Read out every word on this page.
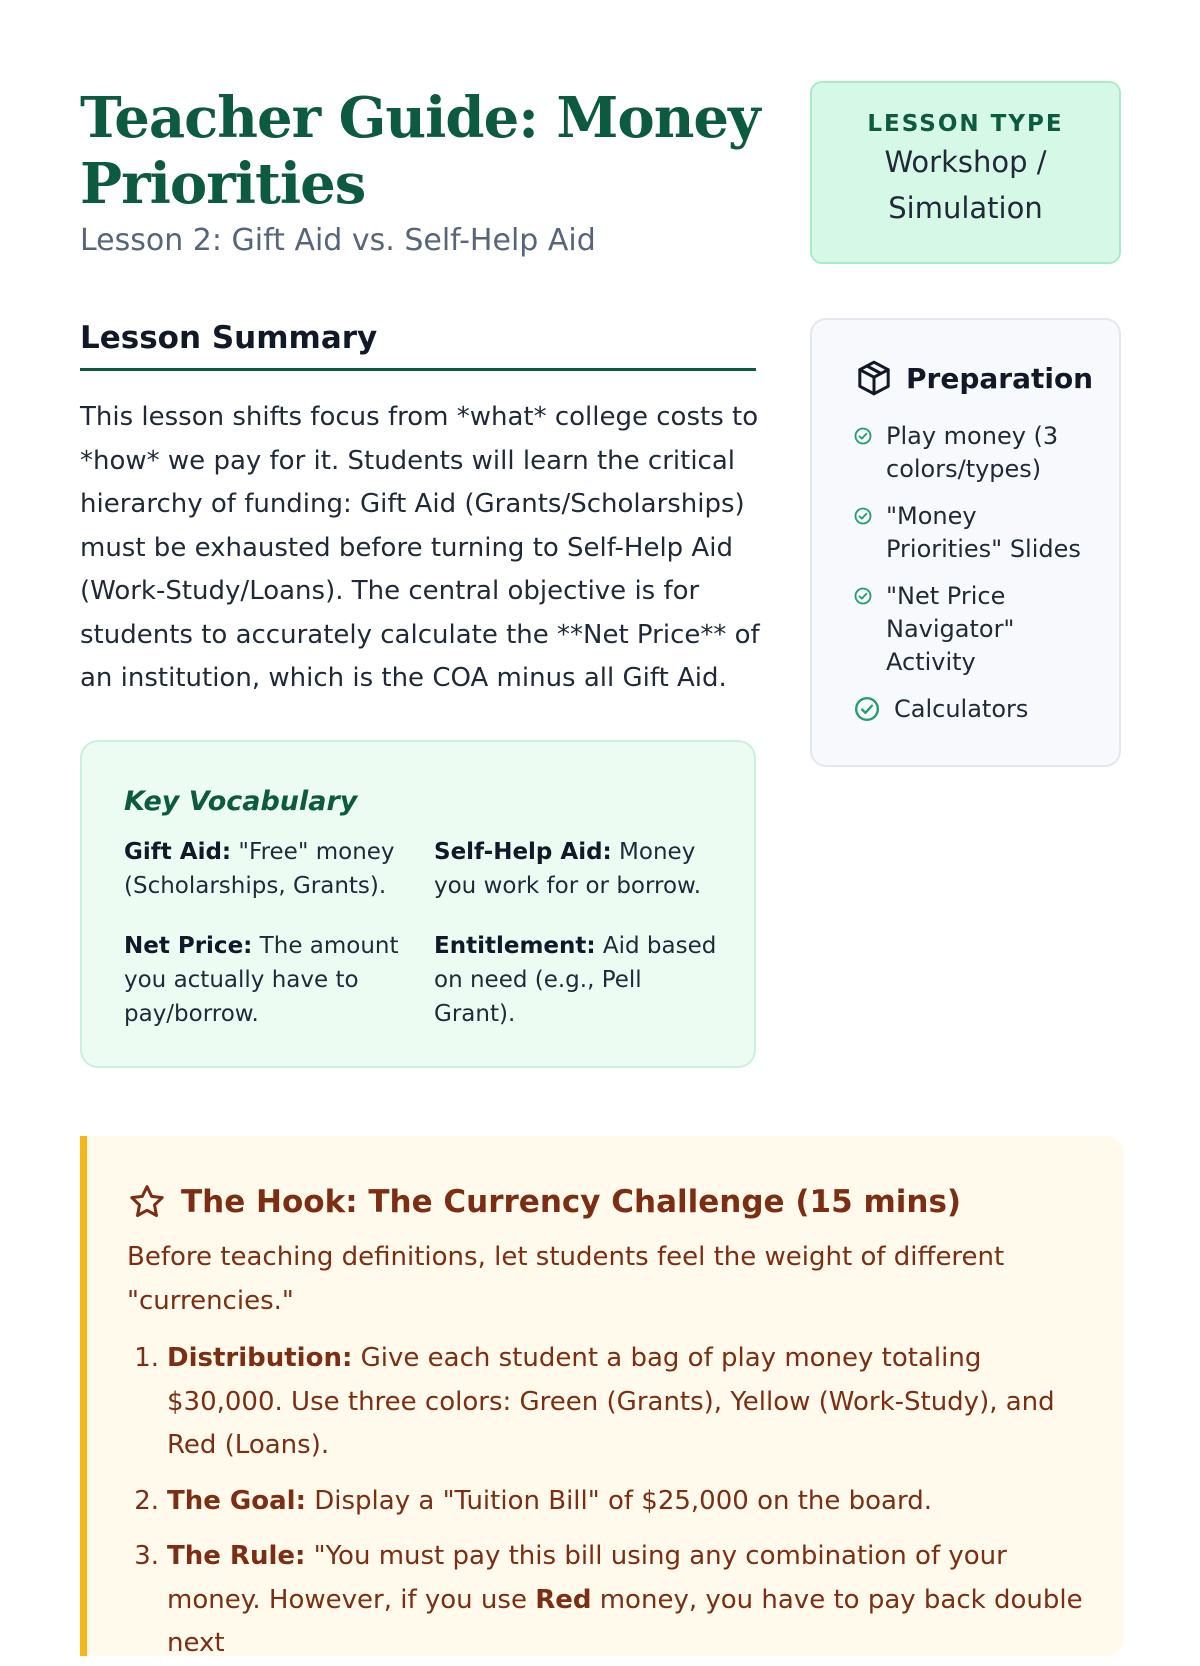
Teacher Guide: Money Priorities
Lesson 2: Gift Aid vs. Self-Help Aid
LESSON TYPE
Workshop / Simulation
Lesson Summary

This lesson shifts focus from *what* college costs to *how* we pay for it. Students will learn the critical hierarchy of funding: Gift Aid (Grants/Scholarships) must be exhausted before turning to Self-Help Aid (Work-Study/Loans). The central objective is for students to accurately calculate the **Net Price** of an institution, which is the COA minus all Gift Aid.

Key Vocabulary
Gift Aid: "Free" money (Scholarships, Grants).
Self-Help Aid: Money you work for or borrow.
Net Price: The amount you actually have to pay/borrow.
Entitlement: Aid based on need (e.g., Pell Grant).
Preparation
Play money (3 colors/types)
"Money Priorities" Slides
"Net Price Navigator" Activity
Calculators
The Hook: The Currency Challenge (15 mins)

Before teaching definitions, let students feel the weight of different "currencies."

1. Distribution: Give each student a bag of play money totaling $30,000. Use three colors: Green (Grants), Yellow (Work-Study), and Red (Loans).
2. The Goal: Display a "Tuition Bill" of $25,000 on the board.
3. The Rule: "You must pay this bill using any combination of your money. However, if you use Red money, you have to pay back double next
